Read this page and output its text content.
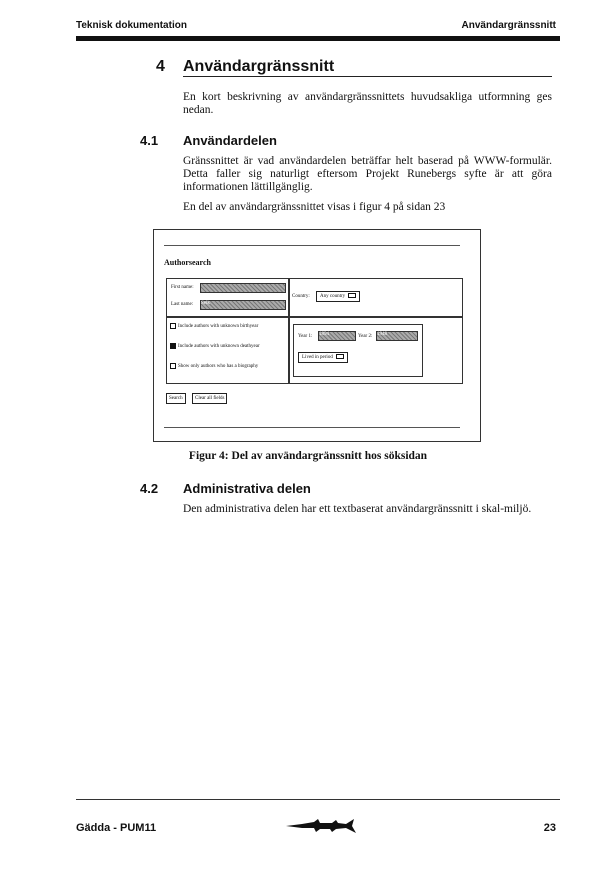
Teknisk dokumentation	Användargränssnitt
4 Användargränssnitt
En kort beskrivning av användargränssnittets huvudsakliga utformning ges nedan.
4.1 Användardelen
Gränssnittet är vad användardelen beträffar helt baserad på WWW-formulär. Detta faller sig naturligt eftersom Projekt Runebergs syfte är att göra informationen lättillgänglig.
En del av användargränssnittet visas i figur 4 på sidan 23
Authorsearch
First name:
Last name: Selk
Country:	Any country
Include authors with unknown birthyear
Include authors with unknown deathyear
Show only authors who has a biography
Year 1: 1894	Year 2: 1948
Lived in period
Search	Clear all fields
Figur 4: Del av användargränssnitt hos söksidan
4.2 Administrativa delen
Den administrativa delen har ett textbaserat användargränssnitt i skal-miljö.
Gädda - PUM11	23
